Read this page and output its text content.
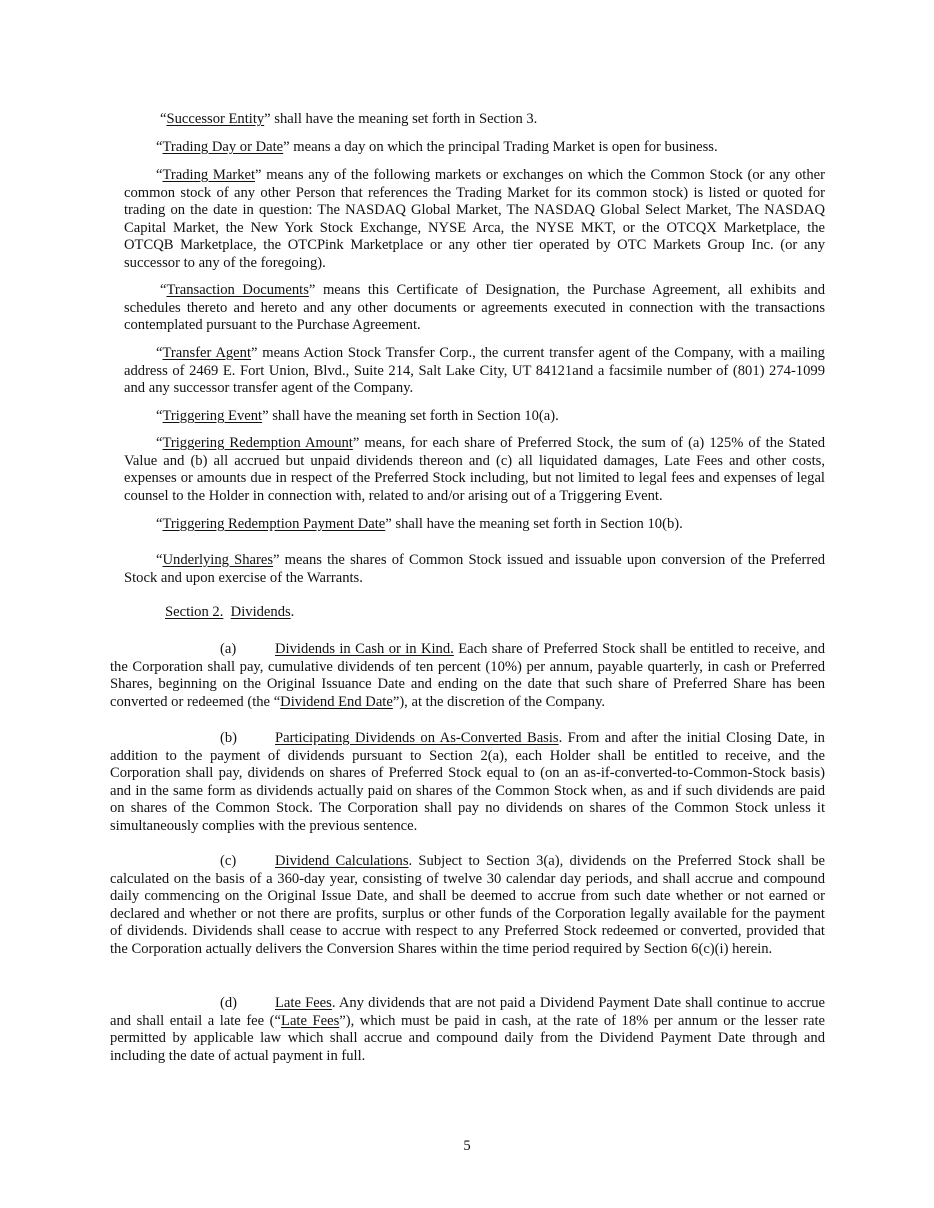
“Successor Entity” shall have the meaning set forth in Section 3.

“Trading Day or Date” means a day on which the principal Trading Market is open for business.

“Trading Market” means any of the following markets or exchanges on which the Common Stock (or any other common stock of any other Person that references the Trading Market for its common stock) is listed or quoted for trading on the date in question: The NASDAQ Global Market, The NASDAQ Global Select Market, The NASDAQ Capital Market, the New York Stock Exchange, NYSE Arca, the NYSE MKT, or the OTCQX Marketplace, the OTCQB Marketplace, the OTCPink Marketplace or any other tier operated by OTC Markets Group Inc. (or any successor to any of the foregoing).

“Transaction Documents” means this Certificate of Designation, the Purchase Agreement, all exhibits and schedules thereto and hereto and any other documents or agreements executed in connection with the transactions contemplated pursuant to the Purchase Agreement.

“Transfer Agent” means Action Stock Transfer Corp., the current transfer agent of the Company, with a mailing address of 2469 E. Fort Union, Blvd., Suite 214, Salt Lake City, UT 84121and a facsimile number of (801) 274-1099 and any successor transfer agent of the Company.

“Triggering Event” shall have the meaning set forth in Section 10(a).

“Triggering Redemption Amount” means, for each share of Preferred Stock, the sum of (a) 125% of the Stated Value and (b) all accrued but unpaid dividends thereon and (c) all liquidated damages, Late Fees and other costs, expenses or amounts due in respect of the Preferred Stock including, but not limited to legal fees and expenses of legal counsel to the Holder in connection with, related to and/or arising out of a Triggering Event.

“Triggering Redemption Payment Date” shall have the meaning set forth in Section 10(b).

“Underlying Shares” means the shares of Common Stock issued and issuable upon conversion of the Preferred Stock and upon exercise of the Warrants.

Section 2. Dividends.

(a)	Dividends in Cash or in Kind. Each share of Preferred Stock shall be entitled to receive, and the Corporation shall pay, cumulative dividends of ten percent (10%) per annum, payable quarterly, in cash or Preferred Shares, beginning on the Original Issuance Date and ending on the date that such share of Preferred Share has been converted or redeemed (the “Dividend End Date”), at the discretion of the Company.

(b)	Participating Dividends on As-Converted Basis. From and after the initial Closing Date, in addition to the payment of dividends pursuant to Section 2(a), each Holder shall be entitled to receive, and the Corporation shall pay, dividends on shares of Preferred Stock equal to (on an as-if-converted-to-Common-Stock basis) and in the same form as dividends actually paid on shares of the Common Stock when, as and if such dividends are paid on shares of the Common Stock. The Corporation shall pay no dividends on shares of the Common Stock unless it simultaneously complies with the previous sentence.

(c)	Dividend Calculations. Subject to Section 3(a), dividends on the Preferred Stock shall be calculated on the basis of a 360-day year, consisting of twelve 30 calendar day periods, and shall accrue and compound daily commencing on the Original Issue Date, and shall be deemed to accrue from such date whether or not earned or declared and whether or not there are profits, surplus or other funds of the Corporation legally available for the payment of dividends. Dividends shall cease to accrue with respect to any Preferred Stock redeemed or converted, provided that the Corporation actually delivers the Conversion Shares within the time period required by Section 6(c)(i) herein.

(d)	Late Fees. Any dividends that are not paid a Dividend Payment Date shall continue to accrue and shall entail a late fee (“Late Fees”), which must be paid in cash, at the rate of 18% per annum or the lesser rate permitted by applicable law which shall accrue and compound daily from the Dividend Payment Date through and including the date of actual payment in full.

5
